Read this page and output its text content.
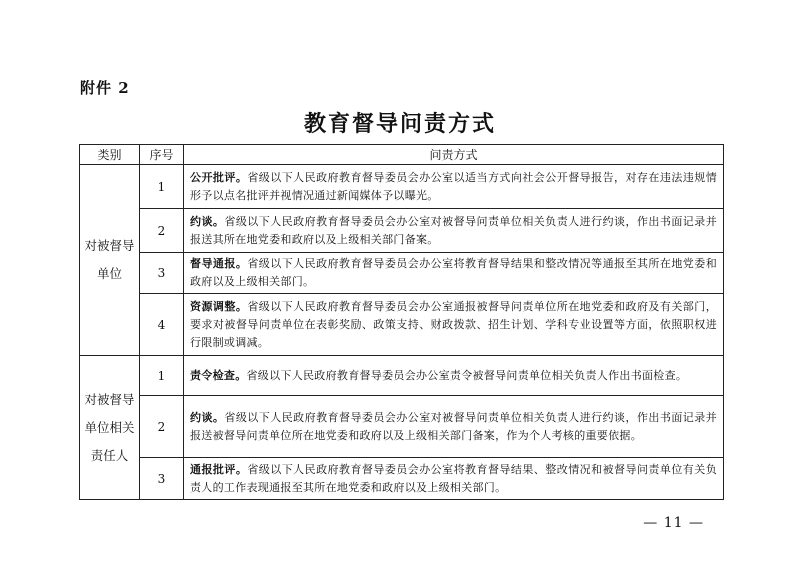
附件 2
教育督导问责方式
类别	序号	问责方式
对被督导单位	1	公开批评。省级以下人民政府教育督导委员会办公室以适当方式向社会公开督导报告，对存在违法违规情形予以点名批评并视情况通过新闻媒体予以曝光。
	2	约谈。省级以下人民政府教育督导委员会办公室对被督导问责单位相关负责人进行约谈，作出书面记录并报送其所在地党委和政府以及上级相关部门备案。
	3	督导通报。省级以下人民政府教育督导委员会办公室将教育督导结果和整改情况等通报至其所在地党委和政府以及上级相关部门。
	4	资源调整。省级以下人民政府教育督导委员会办公室通报被督导问责单位所在地党委和政府及有关部门，要求对被督导问责单位在表彰奖励、政策支持、财政拨款、招生计划、学科专业设置等方面，依照职权进行限制或调减。
对被督导单位相关责任人	1	责令检查。省级以下人民政府教育督导委员会办公室责令被督导问责单位相关负责人作出书面检查。
	2	约谈。省级以下人民政府教育督导委员会办公室对被督导问责单位相关负责人进行约谈，作出书面记录并报送被督导问责单位所在地党委和政府以及上级相关部门备案，作为个人考核的重要依据。
	3	通报批评。省级以下人民政府教育督导委员会办公室将教育督导结果、整改情况和被督导问责单位有关负责人的工作表现通报至其所在地党委和政府以及上级相关部门。
— 11 —
